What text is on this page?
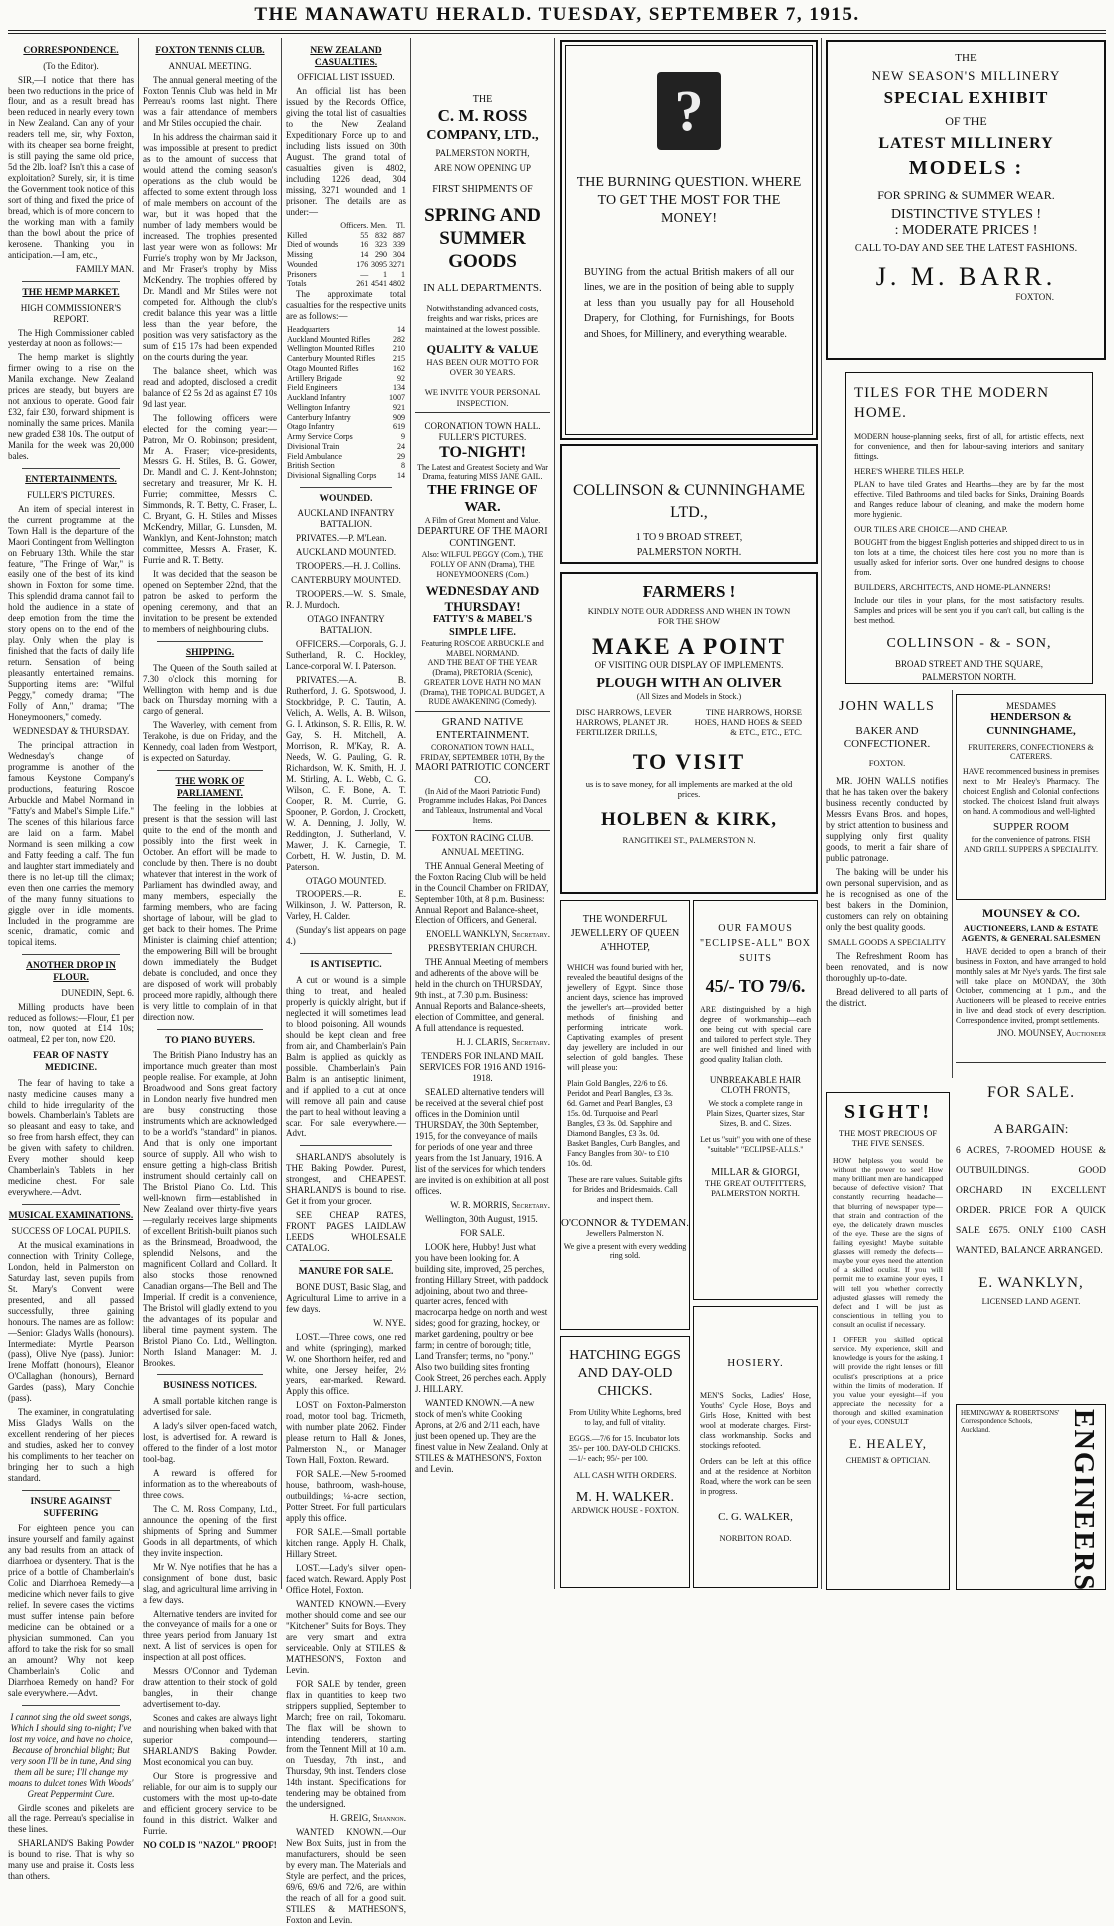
THE MANAWATU HERALD. TUESDAY, SEPTEMBER 7, 1915.
CORRESPONDENCE.
(To the Editor).

SIR,—I notice that there has been two reductions in the price of flour, and as a result bread has been reduced in nearly every town in New Zealand. Can any of your readers tell me, sir, why Foxton, with its cheaper sea borne freight, is still paying the same old price, 5d the 2lb. loaf? Isn't this a case of exploitation? Surely, sir, it is time the Government took notice of this sort of thing and fixed the price of bread, which is of more concern to the working man with a family than the bowl about the price of kerosene. Thanking you in anticipation.—I am, etc.,

FAMILY MAN.

THE HEMP MARKET.
HIGH COMMISSIONER'S REPORT.

The High Commissioner cabled yesterday at noon as follows:—

The hemp market is slightly firmer owing to a rise on the Manila exchange. New Zealand prices are steady, but buyers are not anxious to operate. Good fair £32, fair £30, forward shipment is nominally the same prices. Manila new graded £38 10s. The output of Manila for the week was 20,000 bales.

ENTERTAINMENTS.
FULLER'S PICTURES.

An item of special interest in the current programme at the Town Hall is the departure of the Maori Contingent from Wellington on February 13th. While the star feature, "The Fringe of War," is easily one of the best of its kind shown in Foxton for some time. This splendid drama cannot fail to hold the audience in a state of deep emotion from the time the story opens on to the end of the play. Only when the play is finished that the facts of daily life return. Sensation of being pleasantly entertained remains. Supporting items are: "Wilful Peggy," comedy drama; "The Folly of Ann," drama; "The Honeymooners," comedy.

WEDNESDAY & THURSDAY.

The principal attraction in Wednesday's change of programme is another of the famous Keystone Company's productions, featuring Roscoe Arbuckle and Mabel Normand in "Fatty's and Mabel's Simple Life." The scenes of this hilarious farce are laid on a farm. Mabel Normand is seen milking a cow and Fatty feeding a calf. The fun and laughter start immediately and there is no let-up till the climax; even then one carries the memory of the many funny situations to giggle over in idle moments. Included in the programme are scenic, dramatic, comic and topical items.

ANOTHER DROP IN FLOUR.

DUNEDIN, Sept. 6.

Milling products have been reduced as follows:—Flour, £1 per ton, now quoted at £14 10s; oatmeal, £2 per ton, now £20.

FEAR OF NASTY MEDICINE.

The fear of having to take a nasty medicine causes many a child to hide irregularity of the bowels. Chamberlain's Tablets are so pleasant and easy to take, and so free from harsh effect, they can be given with safety to children. Every mother should keep Chamberlain's Tablets in her medicine chest. For sale everywhere.—Advt.

MUSICAL EXAMINATIONS.
SUCCESS OF LOCAL PUPILS.

At the musical examinations in connection with Trinity College, London, held in Palmerston on Saturday last, seven pupils from St. Mary's Convent were presented, and all passed successfully, three gaining honours. The names are as follow:—Senior: Gladys Walls (honours). Intermediate: Myrtle Pearson (pass), Olive Nye (pass). Junior: Irene Moffatt (honours), Eleanor O'Callaghan (honours), Bernard Gardes (pass), Mary Conchie (pass).

The examiner, in congratulating Miss Gladys Walls on the excellent rendering of her pieces and studies, asked her to convey his compliments to her teacher on bringing her to such a high standard.

INSURE AGAINST SUFFERING

For eighteen pence you can insure yourself and family against any bad results from an attack of diarrhoea or dysentery. That is the price of a bottle of Chamberlain's Colic and Diarrhoea Remedy—a medicine which never fails to give relief. In severe cases the victims must suffer intense pain before medicine can be obtained or a physician summoned. Can you afford to take the risk for so small an amount? Why not keep Chamberlain's Colic and Diarrhoea Remedy on hand? For sale everywhere.—Advt.

I cannot sing the old sweet songs, Which I should sing to-night; I've lost my voice, and have no choice, Because of bronchial blight; But very soon I'll be in tune, And sing them all be sure; I'll change my moans to dulcet tones With Woods' Great Peppermint Cure.

Girdle scones and pikelets are all the rage. Perreau's specialise in these lines.

SHARLAND'S Baking Powder is bound to rise. That is why so many use and praise it. Costs less than others.

FOXTON TENNIS CLUB.
ANNUAL MEETING.

The annual general meeting of the Foxton Tennis Club was held in Mr Perreau's rooms last night. There was a fair attendance of members and Mr Stiles occupied the chair.

In his address the chairman said it was impossible at present to predict as to the amount of success that would attend the coming season's operations as the club would be affected to some extent through loss of male members on account of the war, but it was hoped that the number of lady members would be increased. The trophies presented last year were won as follows: Mr Furrie's trophy won by Mr Jackson, and Mr Fraser's trophy by Miss McKendry. The trophies offered by Dr. Mandl and Mr Stiles were not competed for. Although the club's credit balance this year was a little less than the year before, the position was very satisfactory as the sum of £15 17s had been expended on the courts during the year.

The balance sheet, which was read and adopted, disclosed a credit balance of £2 5s 2d as against £7 10s 9d last year.

The following officers were elected for the coming year:—Patron, Mr O. Robinson; president, Mr A. Fraser; vice-presidents, Messrs G. H. Stiles, B. G. Gower, Dr. Mandl and C. J. Kent-Johnston; secretary and treasurer, Mr K. H. Furrie; committee, Messrs C. Simmonds, R. T. Betty, C. Fraser, L. C. Bryant, G. H. Stiles and Misses McKendry, Millar, G. Lunsden, M. Wanklyn, and Kent-Johnston; match committee, Messrs A. Fraser, K. Furrie and R. T. Betty.

It was decided that the season be opened on September 22nd, that the patron be asked to perform the opening ceremony, and that an invitation to be present be extended to members of neighbouring clubs.

SHIPPING.

The Queen of the South sailed at 7.30 o'clock this morning for Wellington with hemp and is due back on Thursday morning with a cargo of general.

The Waverley, with cement from Terakohe, is due on Friday, and the Kennedy, coal laden from Westport, is expected on Saturday.

THE WORK OF PARLIAMENT.

The feeling in the lobbies at present is that the session will last quite to the end of the month and possibly into the first week in October. An effort will be made to conclude by then. There is no doubt whatever that interest in the work of Parliament has dwindled away, and many members, especially the farming members, who are facing shortage of labour, will be glad to get back to their homes. The Prime Minister is claiming chief attention; the empowering Bill will be brought down immediately the Budget debate is concluded, and once they are disposed of work will probably proceed more rapidly, although there is very little to complain of in that direction now.

TO PIANO BUYERS.

The British Piano Industry has an importance much greater than most people realise. For example, at John Broadwood and Sons great factory in London nearly five hundred men are busy constructing those instruments which are acknowledged to be a world's "standard" in pianos. And that is only one important source of supply. All who wish to ensure getting a high-class British instrument should certainly call on The Bristol Piano Co. Ltd. This well-known firm—established in New Zealand over thirty-five years—regularly receives large shipments of excellent British-built pianos such as the Brinsmead, Broadwood, the splendid Nelsons, and the magnificent Collard and Collard. It also stocks those renowned Canadian organs—The Bell and The Imperial. If credit is a convenience, The Bristol will gladly extend to you the advantages of its popular and liberal time payment system. The Bristol Piano Co. Ltd., Wellington. North Island Manager: M. J. Brookes.

BUSINESS NOTICES.

A small portable kitchen range is advertised for sale.

A lady's silver open-faced watch, lost, is advertised for. A reward is offered to the finder of a lost motor tool-bag.

A reward is offered for information as to the whereabouts of three cows.

The C. M. Ross Company, Ltd., announce the opening of the first shipments of Spring and Summer Goods in all departments, of which they invite inspection.

Mr W. Nye notifies that he has a consignment of bone dust, basic slag, and agricultural lime arriving in a few days.

Alternative tenders are invited for the conveyance of mails for a one or three years period from January 1st next. A list of services is open for inspection at all post offices.

Messrs O'Connor and Tydeman draw attention to their stock of gold bangles, in their change advertisement to-day.

Scones and cakes are always light and nourishing when baked with that superior compound—SHARLAND'S Baking Powder. Most economical you can buy.

Our Store is progressive and reliable, for our aim is to supply our customers with the most up-to-date and efficient grocery service to be found in this district. Walker and Furrie.

NO COLD IS "NAZOL" PROOF!

NEW ZEALAND CASUALTIES.
OFFICIAL LIST ISSUED.

An official list has been issued by the Records Office, giving the total list of casualties to the New Zealand Expeditionary Force up to and including lists issued on 30th August. The grand total of casualties given is 4802, including 1226 dead, 304 missing, 3271 wounded and 1 prisoner. The details are as under:—

	Officers.	Men.	Tl.
Killed	55	832	887
Died of wounds	16	323	339
Missing	14	290	304
Wounded	176	3095	3271
Prisoners	—	1	1
Totals	261	4541	4802

The approximate total casualties for the respective units are as follows:—

Headquarters	14
Auckland Mounted Rifles	282
Wellington Mounted Rifles	210
Canterbury Mounted Rifles	215
Otago Mounted Rifles	162
Artillery Brigade	92
Field Engineers	134
Auckland Infantry	1007
Wellington Infantry	921
Canterbury Infantry	909
Otago Infantry	619
Army Service Corps	9
Divisional Train	24
Field Ambulance	29
British Section	8
Divisional Signalling Corps	14
WOUNDED.
AUCKLAND INFANTRY BATTALION.

PRIVATES.—P. M'Lean.

AUCKLAND MOUNTED.

TROOPERS.—H. J. Collins.

CANTERBURY MOUNTED.

TROOPERS.—W. S. Smale, R. J. Murdoch.

OTAGO INFANTRY BATTALION.

OFFICERS.—Corporals, G. J. Sutherland, R. C. Hockley, Lance-corporal W. I. Paterson.

PRIVATES.—A. B. Rutherford, J. G. Spotswood, J. Stockbridge, P. C. Tautin, A. Velich, A. Wells, A. B. Wilson, G. I. Atkinson, S. R. Ellis, R. W. Gay, S. H. Mitchell, A. Morrison, R. M'Kay, R. A. Needs, W. G. Pauling, G. R. Richardson, W. K. Smith, H. J. M. Stirling, A. L. Webb, C. G. Wilson, C. F. Bone, A. T. Cooper, R. M. Currie, G. Spooner, P. Gordon, J. Crockett, W. A. Denning, J. Jolly, W. Reddington, J. Sutherland, V. Mawer, J. K. Carnegie, T. Corbett, H. W. Justin, D. M. Paterson.

OTAGO MOUNTED.

TROOPERS.—R. E. Wilkinson, J. W. Patterson, R. Varley, H. Calder.

(Sunday's list appears on page 4.)

IS ANTISEPTIC.

A cut or wound is a simple thing to treat, and healed properly is quickly alright, but if neglected it will sometimes lead to blood poisoning. All wounds should be kept clean and free from air, and Chamberlain's Pain Balm is applied as quickly as possible. Chamberlain's Pain Balm is an antiseptic liniment, and if applied to a cut at once will remove all pain and cause the part to heal without leaving a scar. For sale everywhere.—Advt.

SHARLAND'S absolutely is THE Baking Powder. Purest, strongest, and CHEAPEST. SHARLAND'S is bound to rise. Get it from your grocer.

SEE CHEAP RATES, FRONT PAGES LAIDLAW LEEDS WHOLESALE CATALOG.

MANURE FOR SALE.

BONE DUST, Basic Slag, and Agricultural Lime to arrive in a few days.

W. NYE.

LOST.—Three cows, one red and white (springing), marked W. one Shorthorn heifer, red and white, one Jersey heifer, 2½ years, ear-marked. Reward. Apply this office.

LOST on Foxton-Palmerston road, motor tool bag. Tricmeth, with number plate 2062. Finder please return to Hall & Jones, Palmerston N., or Manager Town Hall, Foxton. Reward.

FOR SALE.—New 5-roomed house, bathroom, wash-house, outbuildings; ¼-acre section, Potter Street. For full particulars apply this office.

FOR SALE.—Small portable kitchen range. Apply H. Chalk, Hillary Street.

LOST.—Lady's silver open-faced watch. Reward. Apply Post Office Hotel, Foxton.

WANTED KNOWN.—Every mother should come and see our "Kitchener" Suits for Boys. They are very smart and extra serviceable. Only at STILES & MATHESON'S, Foxton and Levin.

FOR SALE by tender, green flax in quantities to keep two strippers supplied, September to March; free on rail, Tokomaru. The flax will be shown to intending tenderers, starting from the Tennent Mill at 10 a.m. on Tuesday, 7th inst., and Thursday, 9th inst. Tenders close 14th instant. Specifications for tendering may be obtained from the undersigned.

H. GREIG, Shannon.

WANTED KNOWN.—Our New Box Suits, just in from the manufacturers, should be seen by every man. The Materials and Style are perfect, and the prices, 69/6, 69/6 and 72/6, are within the reach of all for a good suit. STILES & MATHESON'S, Foxton and Levin.

THE
C. M. ROSS
COMPANY, LTD.,
PALMERSTON NORTH,
ARE NOW OPENING UP
FIRST SHIPMENTS OF
SPRING AND
SUMMER
GOODS
IN ALL DEPARTMENTS.
Notwithstanding advanced costs, freights and war risks, prices are maintained at the lowest possible.
QUALITY & VALUE
HAS BEEN OUR MOTTO FOR OVER 30 YEARS.
WE INVITE YOUR PERSONAL INSPECTION.
CORONATION TOWN HALL.
FULLER'S PICTURES.
TO-NIGHT!
The Latest and Greatest Society and War Drama, featuring MISS JANE GAIL.
THE FRINGE OF WAR.
A Film of Great Moment and Value.
DEPARTURE OF THE MAORI CONTINGENT.
Also: WILFUL PEGGY (Com.), THE FOLLY OF ANN (Drama), THE HONEYMOONERS (Com.)
WEDNESDAY AND THURSDAY!
FATTY'S & MABEL'S SIMPLE LIFE.
Featuring ROSCOE ARBUCKLE and MABEL NORMAND.
AND THE BEAT OF THE YEAR (Drama), PRETORIA (Scenic), GREATER LOVE HATH NO MAN (Drama), THE TOPICAL BUDGET, A RUDE AWAKENING (Comedy).
GRAND NATIVE ENTERTAINMENT.
CORONATION TOWN HALL, FRIDAY, SEPTEMBER 10TH, By the
MAORI PATRIOTIC CONCERT CO.
(In Aid of the Maori Patriotic Fund) Programme includes Hakas, Poi Dances and Tableaux, Instrumental and Vocal Items.
FOXTON RACING CLUB.
ANNUAL MEETING.

THE Annual General Meeting of the Foxton Racing Club will be held in the Council Chamber on FRIDAY, September 10th, at 8 p.m. Business: Annual Report and Balance-sheet, Election of Officers, and General.

ENOELL WANKLYN, Secretary.

PRESBYTERIAN CHURCH.

THE Annual Meeting of members and adherents of the above will be held in the church on THURSDAY, 9th inst., at 7.30 p.m. Business: Annual Reports and Balance-sheets, election of Committee, and general. A full attendance is requested.

H. J. CLARIS, Secretary.

TENDERS FOR INLAND MAIL SERVICES FOR 1916 AND 1916-1918.

SEALED alternative tenders will be received at the several chief post offices in the Dominion until THURSDAY, the 30th September, 1915, for the conveyance of mails for periods of one year and three years from the 1st January, 1916. A list of the services for which tenders are invited is on exhibition at all post offices.

W. R. MORRIS, Secretary.

Wellington, 30th August, 1915.

FOR SALE.

LOOK here, Hubby! Just what you have been looking for. A building site, improved, 25 perches, fronting Hillary Street, with paddock adjoining, about two and three-quarter acres, fenced with macrocarpa hedge on north and west sides; good for grazing, hockey, or market gardening, poultry or bee farm; in centre of borough; title, Land Transfer; terms, no "pony." Also two building sites fronting Cook Street, 26 perches each. Apply J. HILLARY.

WANTED KNOWN.—A new stock of men's white Cooking Aprons, at 2/6 and 2/11 each, have just been opened up. They are the finest value in New Zealand. Only at STILES & MATHESON'S, Foxton and Levin.

?
THE BURNING QUESTION. WHERE TO GET THE MOST FOR THE MONEY!
BUYING from the actual British makers of all our lines, we are in the position of being able to supply at less than you usually pay for all Household Drapery, for Clothing, for Furnishings, for Boots and Shoes, for Millinery, and everything wearable.
COLLINSON & CUNNINGHAME LTD.,
1 TO 9 BROAD STREET, PALMERSTON NORTH.
FARMERS !
KINDLY NOTE OUR ADDRESS AND WHEN IN TOWN FOR THE SHOW
MAKE A POINT
OF VISITING OUR DISPLAY OF IMPLEMENTS.
PLOUGH WITH AN OLIVER
(All Sizes and Models in Stock.)
DISC HARROWS, LEVER HARROWS, PLANET JR. FERTILIZER DRILLS,
TINE HARROWS, HORSE HOES, HAND HOES & SEED & ETC., ETC., ETC.
TO VISIT
us is to save money, for all implements are marked at the old prices.
HOLBEN & KIRK,
RANGITIKEI ST., PALMERSTON N.
THE WONDERFUL JEWELLERY OF QUEEN A'HHOTEP,
WHICH was found buried with her, revealed the beautiful designs of the jewellery of Egypt. Since those ancient days, science has improved the jeweller's art—provided better methods of finishing and performing intricate work. Captivating examples of present day jewellery are included in our selection of gold bangles. These will please you:
Plain Gold Bangles, 22/6 to £6. Peridot and Pearl Bangles, £3 3s. 6d. Garnet and Pearl Bangles, £3 15s. 0d. Turquoise and Pearl Bangles, £3 3s. 0d. Sapphire and Diamond Bangles, £3 3s. 0d. Basket Bangles, Curb Bangles, and Fancy Bangles from 30/- to £10 10s. 0d.
These are rare values. Suitable gifts for Brides and Bridesmaids. Call and inspect them.
O'CONNOR & TYDEMAN.
Jewellers Palmerston N.
We give a present with every wedding ring sold.
OUR FAMOUS "ECLIPSE-ALL" BOX SUITS
45/- TO 79/6.
ARE distinguished by a high degree of workmanship—each one being cut with special care and tailored to perfect style. They are well finished and lined with good quality Italian cloth.
UNBREAKABLE HAIR CLOTH FRONTS,
We stock a complete range in Plain Sizes, Quarter sizes, Star Sizes, B. and C. Sizes.
Let us "suit" you with one of these "suitable" "ECLIPSE-ALLS."
MILLAR & GIORGI,
THE GREAT OUTFITTERS,
PALMERSTON NORTH.
HATCHING EGGS AND DAY-OLD CHICKS.
From Utility White Leghorns, bred to lay, and full of vitality.
EGGS.—7/6 for 15. Incubator lots 35/- per 100. DAY-OLD CHICKS.—1/- each; 95/- per 100.
ALL CASH WITH ORDERS.
M. H. WALKER.
ARDWICK HOUSE - FOXTON.
HOSIERY.
MEN'S Socks, Ladies' Hose, Youths' Cycle Hose, Boys and Girls Hose, Knitted with best wool at moderate charges. First-class workmanship. Socks and stockings refooted.
Orders can be left at this office and at the residence at Norbiton Road, where the work can be seen in progress.
C. G. WALKER,
NORBITON ROAD.
THE
NEW SEASON'S MILLINERY
SPECIAL EXHIBIT
OF THE
LATEST MILLINERY
MODELS :
FOR SPRING & SUMMER WEAR.
DISTINCTIVE STYLES !
: MODERATE PRICES !
CALL TO-DAY AND SEE THE LATEST FASHIONS.
J. M. BARR.
FOXTON.
TILES FOR THE MODERN HOME.
MODERN house-planning seeks, first of all, for artistic effects, next for convenience, and then for labour-saving interiors and sanitary fittings.
HERE'S WHERE TILES HELP.
PLAN to have tiled Grates and Hearths—they are by far the most effective. Tiled Bathrooms and tiled backs for Sinks, Draining Boards and Ranges reduce labour of cleaning, and make the modern home more hygienic.
OUR TILES ARE CHOICE—AND CHEAP.
BOUGHT from the biggest English potteries and shipped direct to us in ton lots at a time, the choicest tiles here cost you no more than is usually asked for inferior sorts. Over one hundred designs to choose from.
BUILDERS, ARCHITECTS, AND HOME-PLANNERS!
Include our tiles in your plans, for the most satisfactory results. Samples and prices will be sent you if you can't call, but calling is the best method.
COLLINSON - & - SON,
BROAD STREET AND THE SQUARE, PALMERSTON NORTH.
JOHN WALLS
BAKER AND CONFECTIONER.
FOXTON.

MR. JOHN WALLS notifies that he has taken over the bakery business recently conducted by Messrs Evans Bros. and hopes, by strict attention to business and supplying only first quality goods, to merit a fair share of public patronage.

The baking will be under his own personal supervision, and as he is recognised as one of the best bakers in the Dominion, customers can rely on obtaining only the best quality goods.

SMALL GOODS A SPECIALITY

The Refreshment Room has been renovated, and is now thoroughly up-to-date.

Bread delivered to all parts of the district.

MESDAMES
HENDERSON & CUNNINGHAME,
FRUITERERS, CONFECTIONERS & CATERERS.
HAVE recommenced business in premises next to Mr Healey's Pharmacy. The choicest English and Colonial confections stocked. The choicest Island fruit always on hand. A commodious and well-lighted
SUPPER ROOM
for the convenience of patrons. FISH AND GRILL SUPPERS A SPECIALITY.
MOUNSEY & CO.
AUCTIONEERS, LAND & ESTATE AGENTS, & GENERAL SALESMEN

HAVE decided to open a branch of their business in Foxton, and have arranged to hold monthly sales at Mr Nye's yards. The first sale will take place on MONDAY, the 30th October, commencing at 1 p.m., and the Auctioneers will be pleased to receive entries in live and dead stock of every description. Correspondence invited, prompt settlements.

JNO. MOUNSEY, Auctioneer

SIGHT!
THE MOST PRECIOUS OF THE FIVE SENSES.
HOW helpless you would be without the power to see! How many brilliant men are handicapped because of defective vision? That constantly recurring headache—that blurring of newspaper type—that strain and contraction of the eye, the delicately drawn muscles of the eye. These are the signs of failing eyesight! Maybe suitable glasses will remedy the defects—maybe your eyes need the attention of a skilled oculist. If you will permit me to examine your eyes, I will tell you whether correctly adjusted glasses will remedy the defect and I will be just as conscientious in telling you to consult an oculist if necessary.
I OFFER you skilled optical service. My experience, skill and knowledge is yours for the asking. I will provide the right lenses or fill oculist's prescriptions at a price within the limits of moderation. If you value your eyesight—if you appreciate the necessity for a thorough and skilled examination of your eyes, CONSULT
E. HEALEY,
CHEMIST & OPTICIAN.
FOR SALE.
A BARGAIN:
6 ACRES, 7-ROOMED HOUSE & OUTBUILDINGS. GOOD ORCHARD IN EXCELLENT ORDER. PRICE FOR A QUICK SALE £675. ONLY £100 CASH WANTED, BALANCE ARRANGED.
E. WANKLYN,
LICENSED LAND AGENT.
ENGINEERS
HEMINGWAY & ROBERTSONS' Correspondence Schools, Auckland.
